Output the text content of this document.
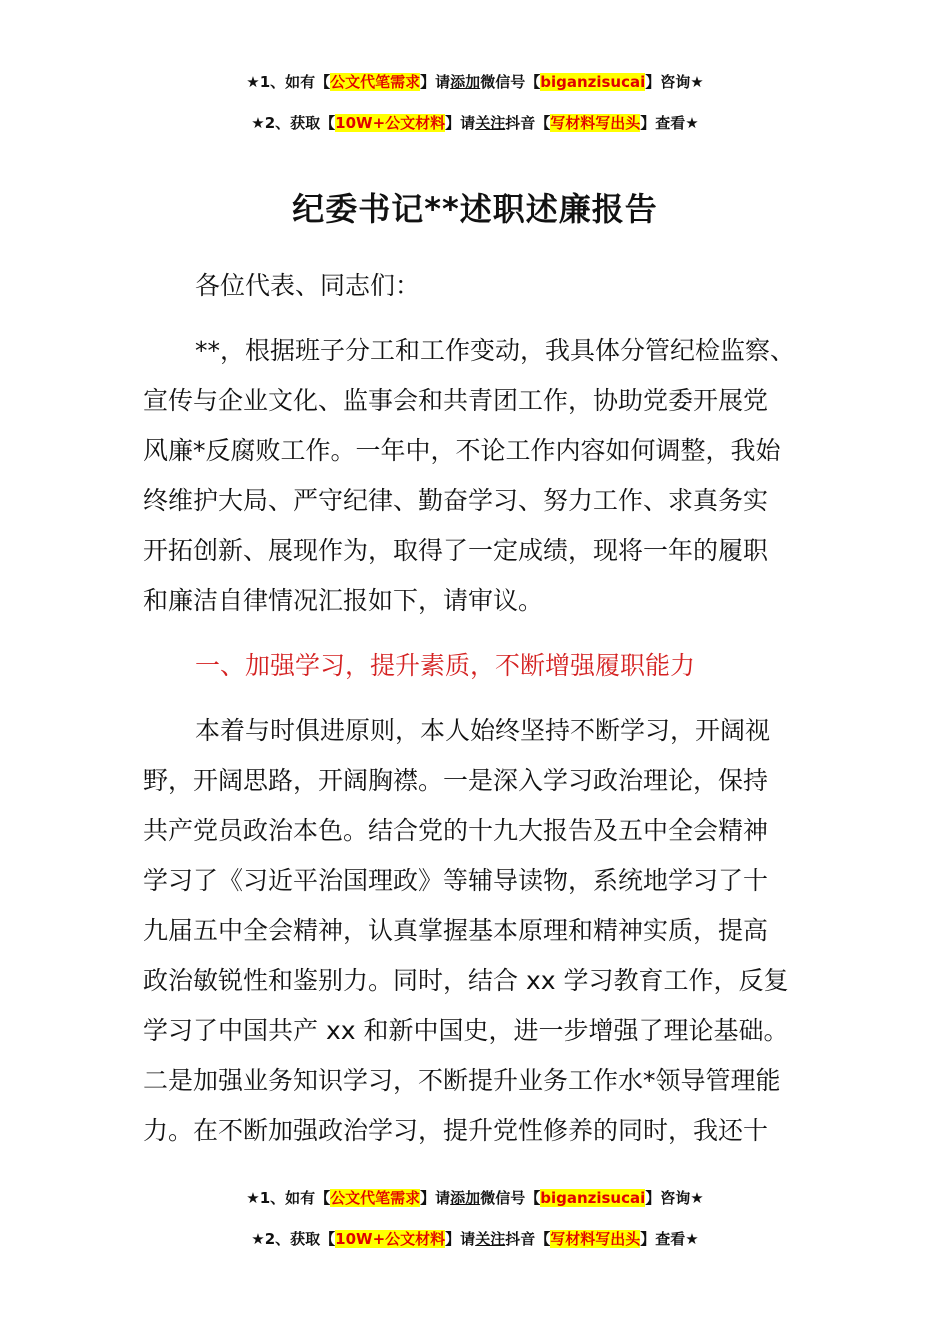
★1、如有【公文代笔需求】请添加微信号【biganzisucai】咨询★
★2、获取【10W+公文材料】请关注抖音【写材料写出头】查看★
纪委书记**述职述廉报告
各位代表、同志们：

**，根据班子分工和工作变动，我具体分管纪检监察、

宣传与企业文化、监事会和共青团工作，协助党委开展党

风廉*反腐败工作。一年中，不论工作内容如何调整，我始

终维护大局、严守纪律、勤奋学习、努力工作、求真务实

开拓创新、展现作为，取得了一定成绩，现将一年的履职

和廉洁自律情况汇报如下，请审议。

一、加强学习，提升素质，不断增强履职能力

本着与时俱进原则，本人始终坚持不断学习，开阔视

野，开阔思路，开阔胸襟。一是深入学习政治理论，保持

共产党员政治本色。结合党的十九大报告及五中全会精神

学习了《习近平治国理政》等辅导读物，系统地学习了十

九届五中全会精神，认真掌握基本原理和精神实质，提高

政治敏锐性和鉴别力。同时，结合 xx 学习教育工作，反复

学习了中国共产 xx 和新中国史，进一步增强了理论基础。

二是加强业务知识学习，不断提升业务工作水*领导管理能

力。在不断加强政治学习，提升党性修养的同时，我还十

★1、如有【公文代笔需求】请添加微信号【biganzisucai】咨询★
★2、获取【10W+公文材料】请关注抖音【写材料写出头】查看★
